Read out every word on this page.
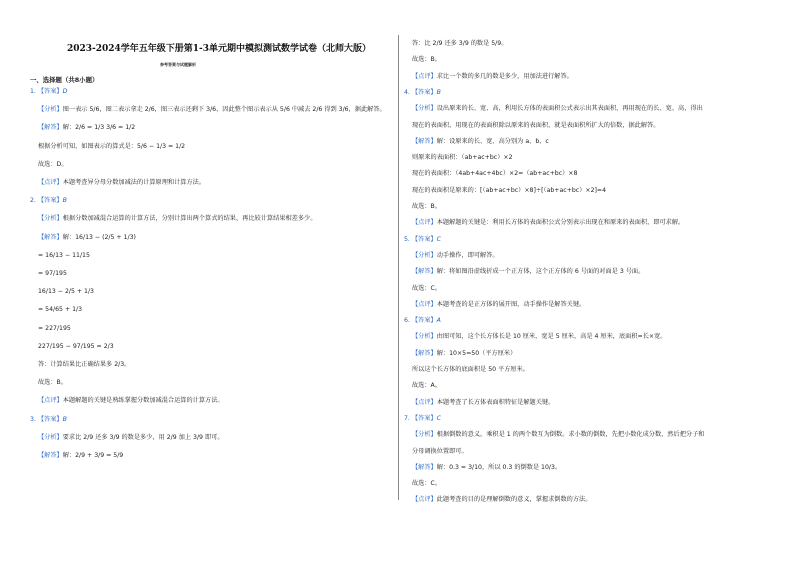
2023-2024学年五年级下册第1-3单元期中模拟测试数学试卷（北师大版）
参考答案与试题解析
一、选择题（共8小题）
1. 【答案】D
【分析】图一表示 5/6，图二表示拿走 2/6，图三表示还剩下 3/6，因此整个图示表示从 5/6 中减去 2/6 得到 3/6，据此解答。
【解答】解：2/6 = 1/3 3/6 = 1/2
根据分析可知，如图表示的算式是：5/6 − 1/3 = 1/2
故选：D。
【点评】本题考查异分母分数加减法的计算原理和计算方法。
2. 【答案】B
【分析】根据分数加减混合运算的计算方法，分别计算出两个算式的结果，再比较计算结果相差多少。
【解答】解：16/13 − (2/5 + 1/3)
= 16/13 − 11/15
= 97/195
16/13 − 2/5 + 1/3
= 54/65 + 1/3
= 227/195
227/195 − 97/195 = 2/3
答：计算结果比正确结果多 2/3。
故选：B。
【点评】本题解题的关键是熟练掌握分数加减混合运算的计算方法。
3. 【答案】B
【分析】要求比 2/9 还多 3/9 的数是多少，用 2/9 加上 3/9 即可。
【解答】解：2/9 + 3/9 = 5/9
答：比 2/9 还多 3/9 的数是 5/9。
故选：B。
【点评】求比一个数的多几的数是多少，用加法进行解答。
4. 【答案】B
【分析】设出原来的长、宽、高，利用长方体的表面积公式表示出其表面积，再用现在的长、宽、高，得出
现在的表面积，用现在的表面积除以原来的表面积，就是表面积所扩大的倍数，据此解答。
【解答】解：设原来的长、宽、高分别为 a、b、c
则原来的表面积：（ab+ac+bc）×2
现在的表面积：（4ab+4ac+4bc）×2=（ab+ac+bc）×8
现在的表面积是原来的：[（ab+ac+bc）×8]÷[（ab+ac+bc）×2]=4
故选：B。
【点评】本题解题的关键是：利用长方体的表面积公式分别表示出现在和原来的表面积，即可求解。
5. 【答案】C
【分析】动手操作，即可解答。
【解答】解：将如图沿虚线折成一个正方体，这个正方体的 6 号面的对面是 3 号面。
故选：C。
【点评】本题考查的是正方体的展开图，动手操作是解答关键。
6. 【答案】A
【分析】由图可知，这个长方体长是 10 厘米，宽是 5 厘米，高是 4 厘米，底面积=长×宽。
【解答】解：10×5=50（平方厘米）
所以这个长方体的底面积是 50 平方厘米。
故选：A。
【点评】本题考查了长方体表面积特征是解题关键。
7. 【答案】C
【分析】根据倒数的意义，乘积是 1 的两个数互为倒数。求小数的倒数，先把小数化成分数，然后把分子和
分母调换位置即可。
【解答】解：0.3 = 3/10，所以 0.3 的倒数是 10/3。
故选：C。
【点评】此题考查的目的是理解倒数的意义，掌握求倒数的方法。
